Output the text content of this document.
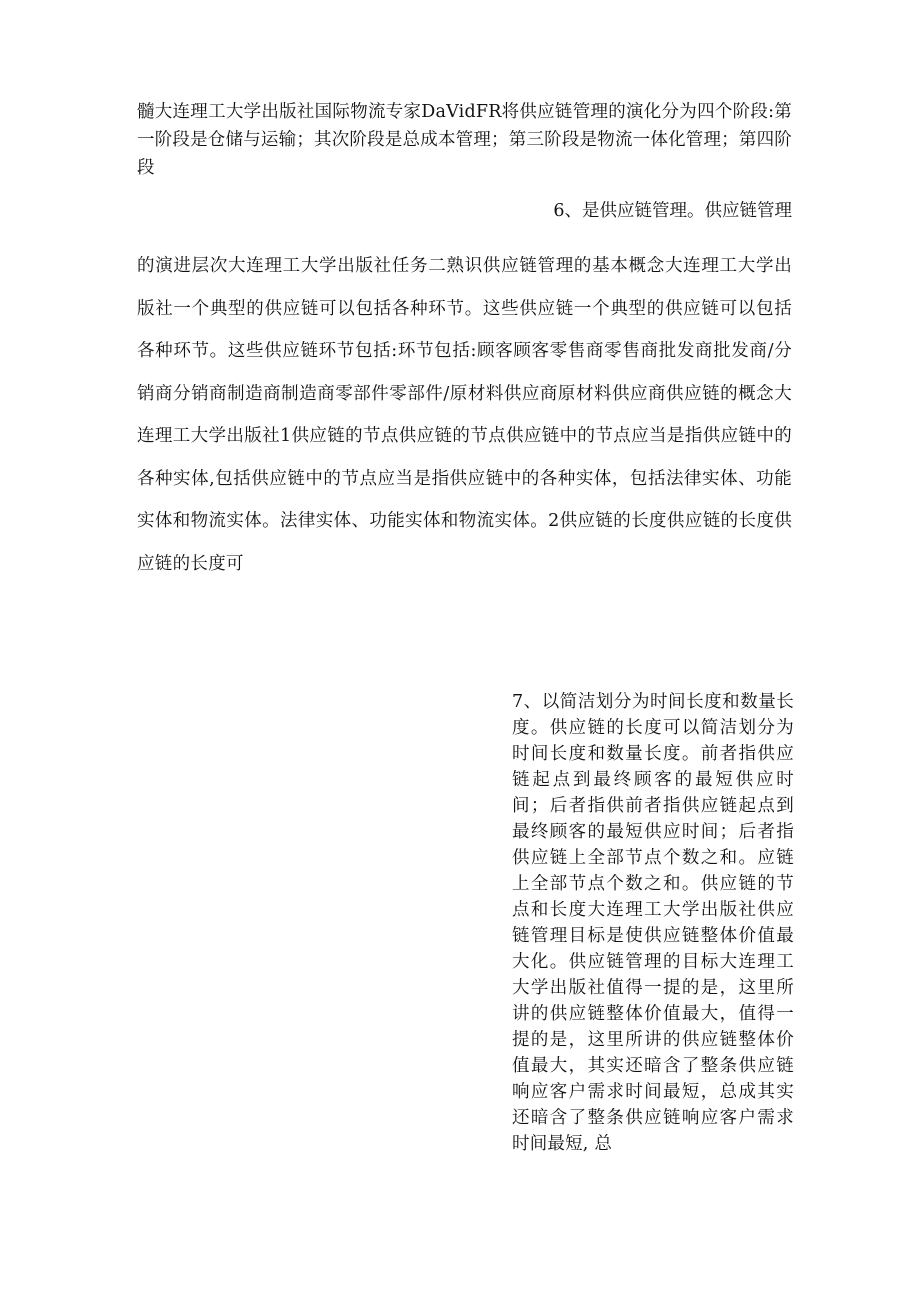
髓大连理工大学出版社国际物流专家DaVidFR将供应链管理的演化分为四个阶段:第一阶段是仓储与运输；其次阶段是总成本管理；第三阶段是物流一体化管理；第四阶段

6、是供应链管理。供应链管理

的演进层次大连理工大学出版社任务二熟识供应链管理的基本概念大连理工大学出版社一个典型的供应链可以包括各种环节。这些供应链一个典型的供应链可以包括各种环节。这些供应链环节包括:环节包括:顾客顾客零售商零售商批发商批发商/分销商分销商制造商制造商零部件零部件/原材料供应商原材料供应商供应链的概念大连理工大学出版社1供应链的节点供应链的节点供应链中的节点应当是指供应链中的各种实体,包括供应链中的节点应当是指供应链中的各种实体，包括法律实体、功能实体和物流实体。法律实体、功能实体和物流实体。2供应链的长度供应链的长度供应链的长度可

7、以简洁划分为时间长度和数量长度。供应链的长度可以简洁划分为时间长度和数量长度。前者指供应链起点到最终顾客的最短供应时间；后者指供前者指供应链起点到最终顾客的最短供应时间；后者指供应链上全部节点个数之和。应链上全部节点个数之和。供应链的节点和长度大连理工大学出版社供应链管理目标是使供应链整体价值最大化。供应链管理的目标大连理工大学出版社值得一提的是，这里所讲的供应链整体价值最大，值得一提的是，这里所讲的供应链整体价值最大，其实还暗含了整条供应链响应客户需求时间最短，总成其实还暗含了整条供应链响应客户需求时间最短, 总
